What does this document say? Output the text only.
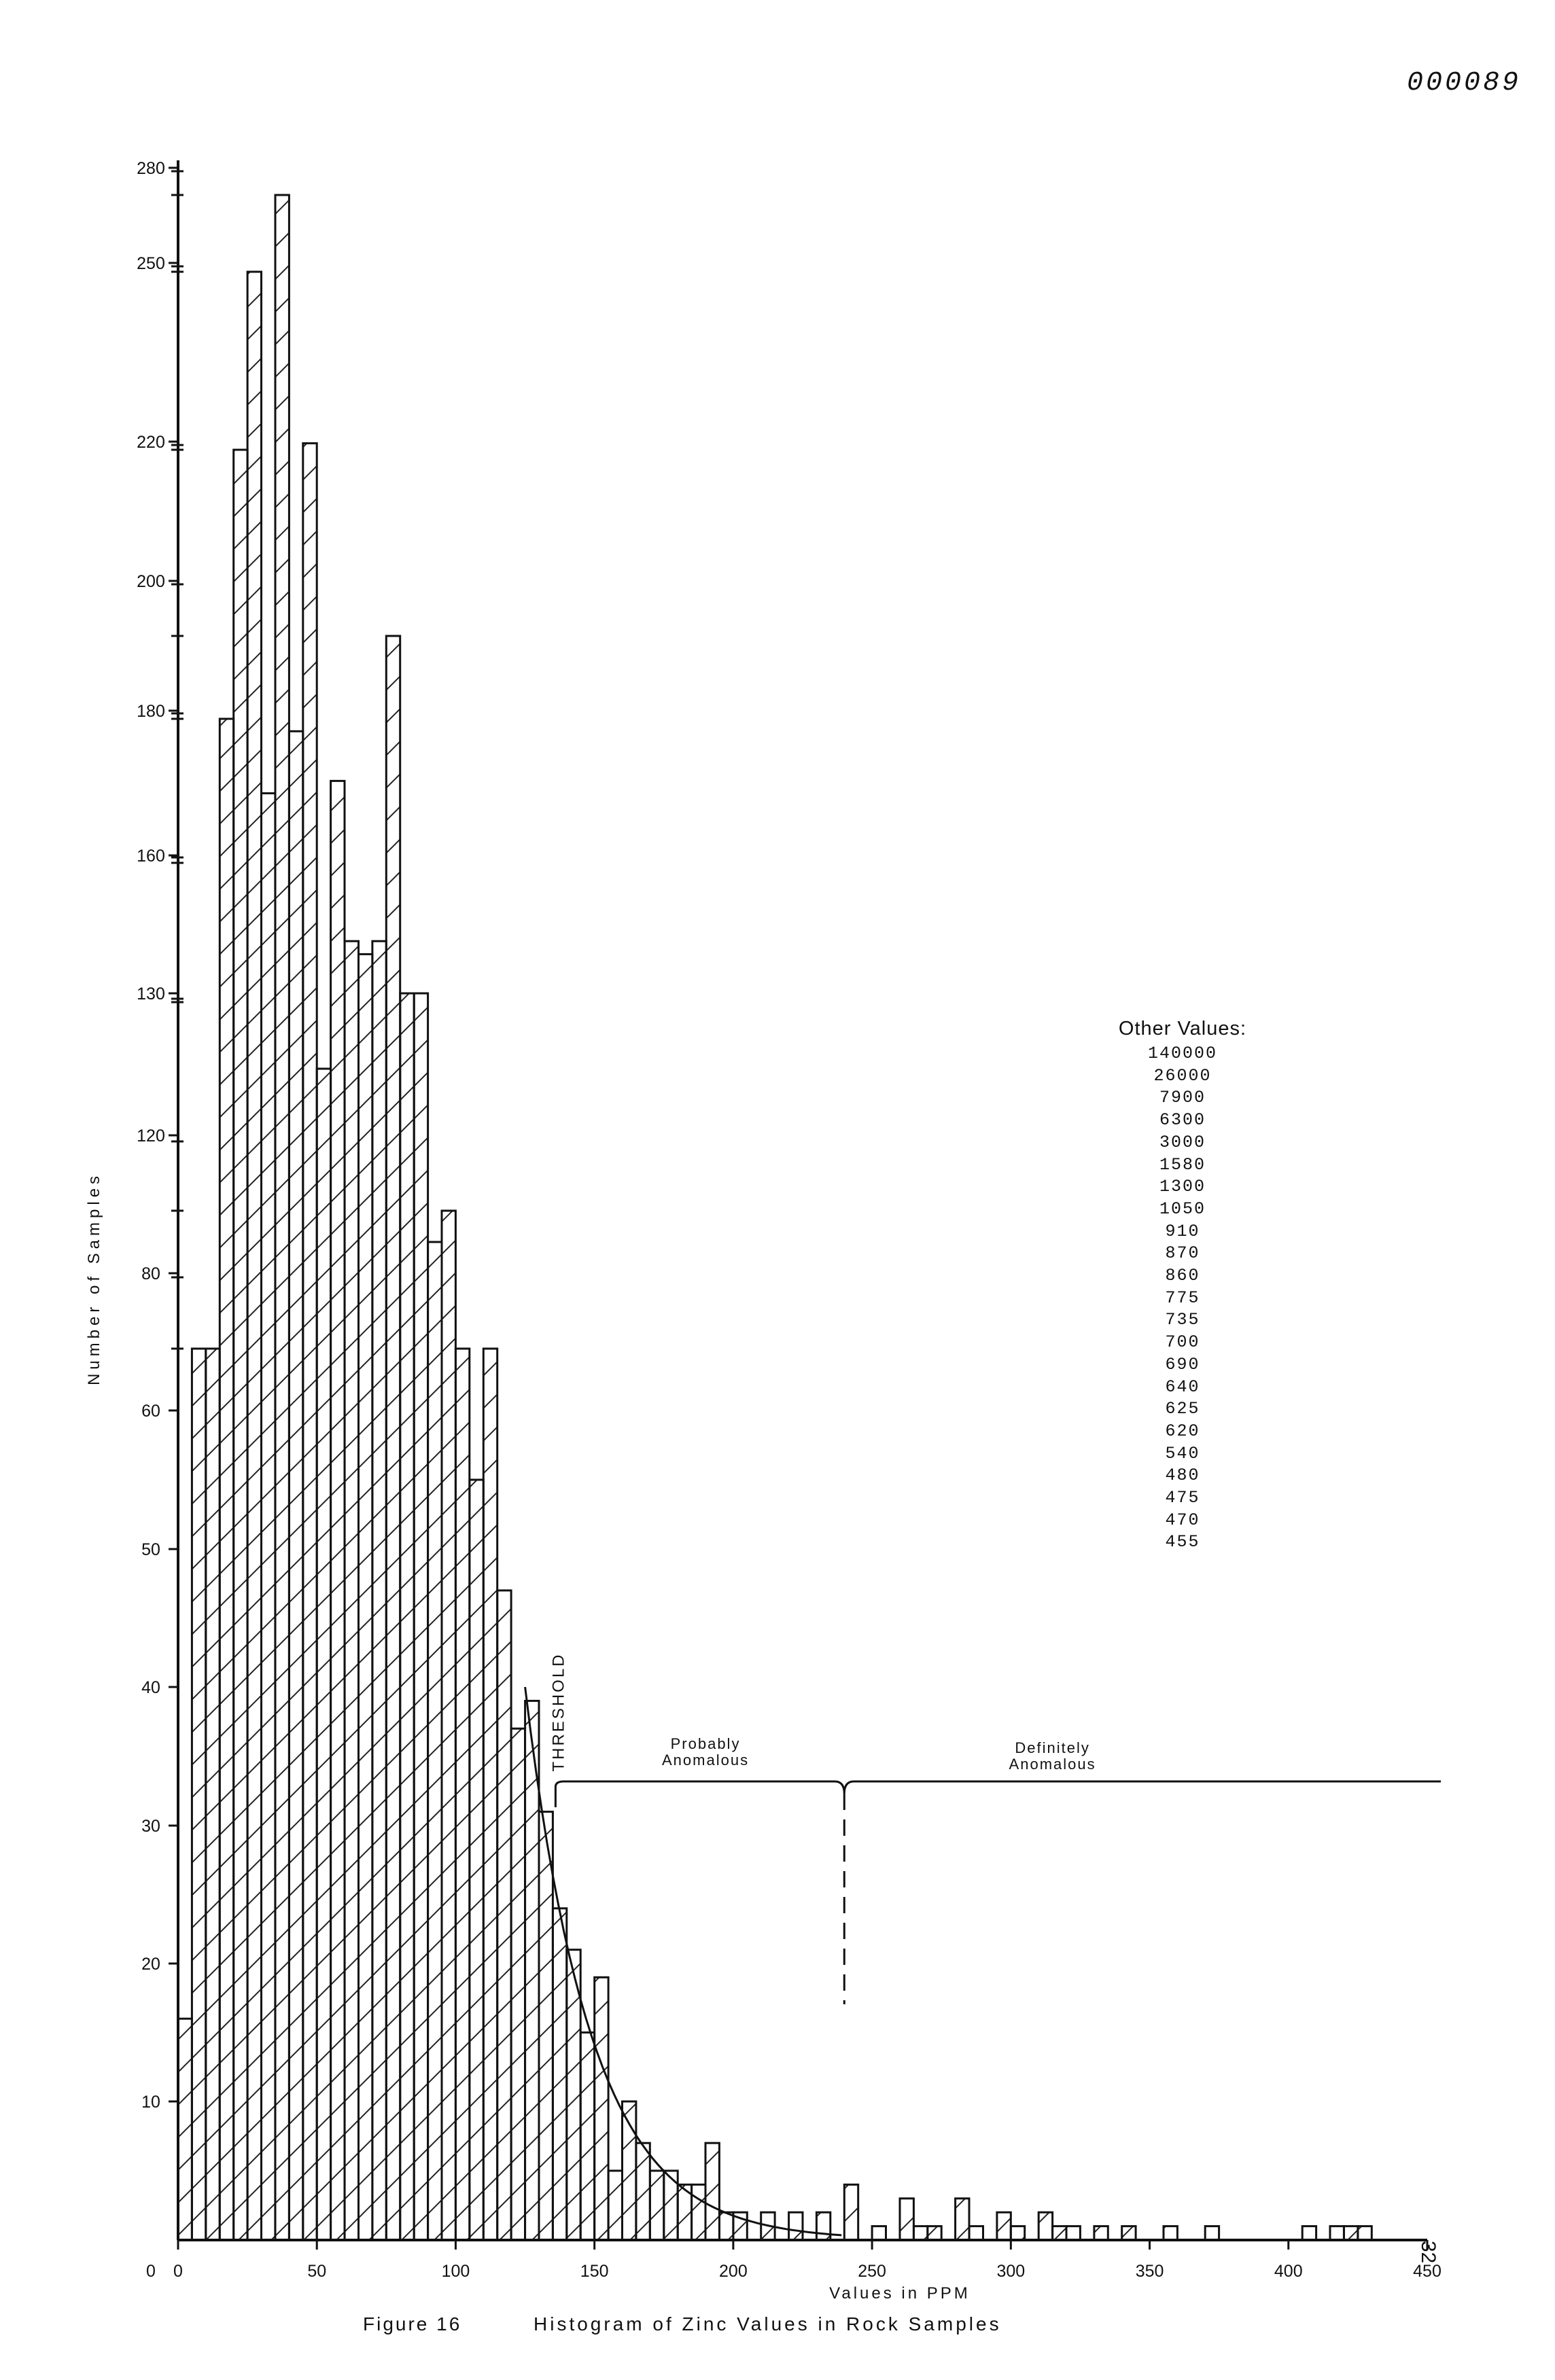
000089
32
0	50	100	150	200	250	300	350	400	450
0
10
20
30
40
50
60
80
120
130
160
180
200
220
250
280
Values in PPM
Number of Samples
Figure 16	Histogram of Zinc Values in Rock Samples
THRESHOLD	Probably
Anomalous
Definitely
Anomalous
Other Values:
140000
26000
7900
6300
3000
1580
1300
1050
910
870
860
775
735
700
690
640
625
620
540
480
475
470
455
